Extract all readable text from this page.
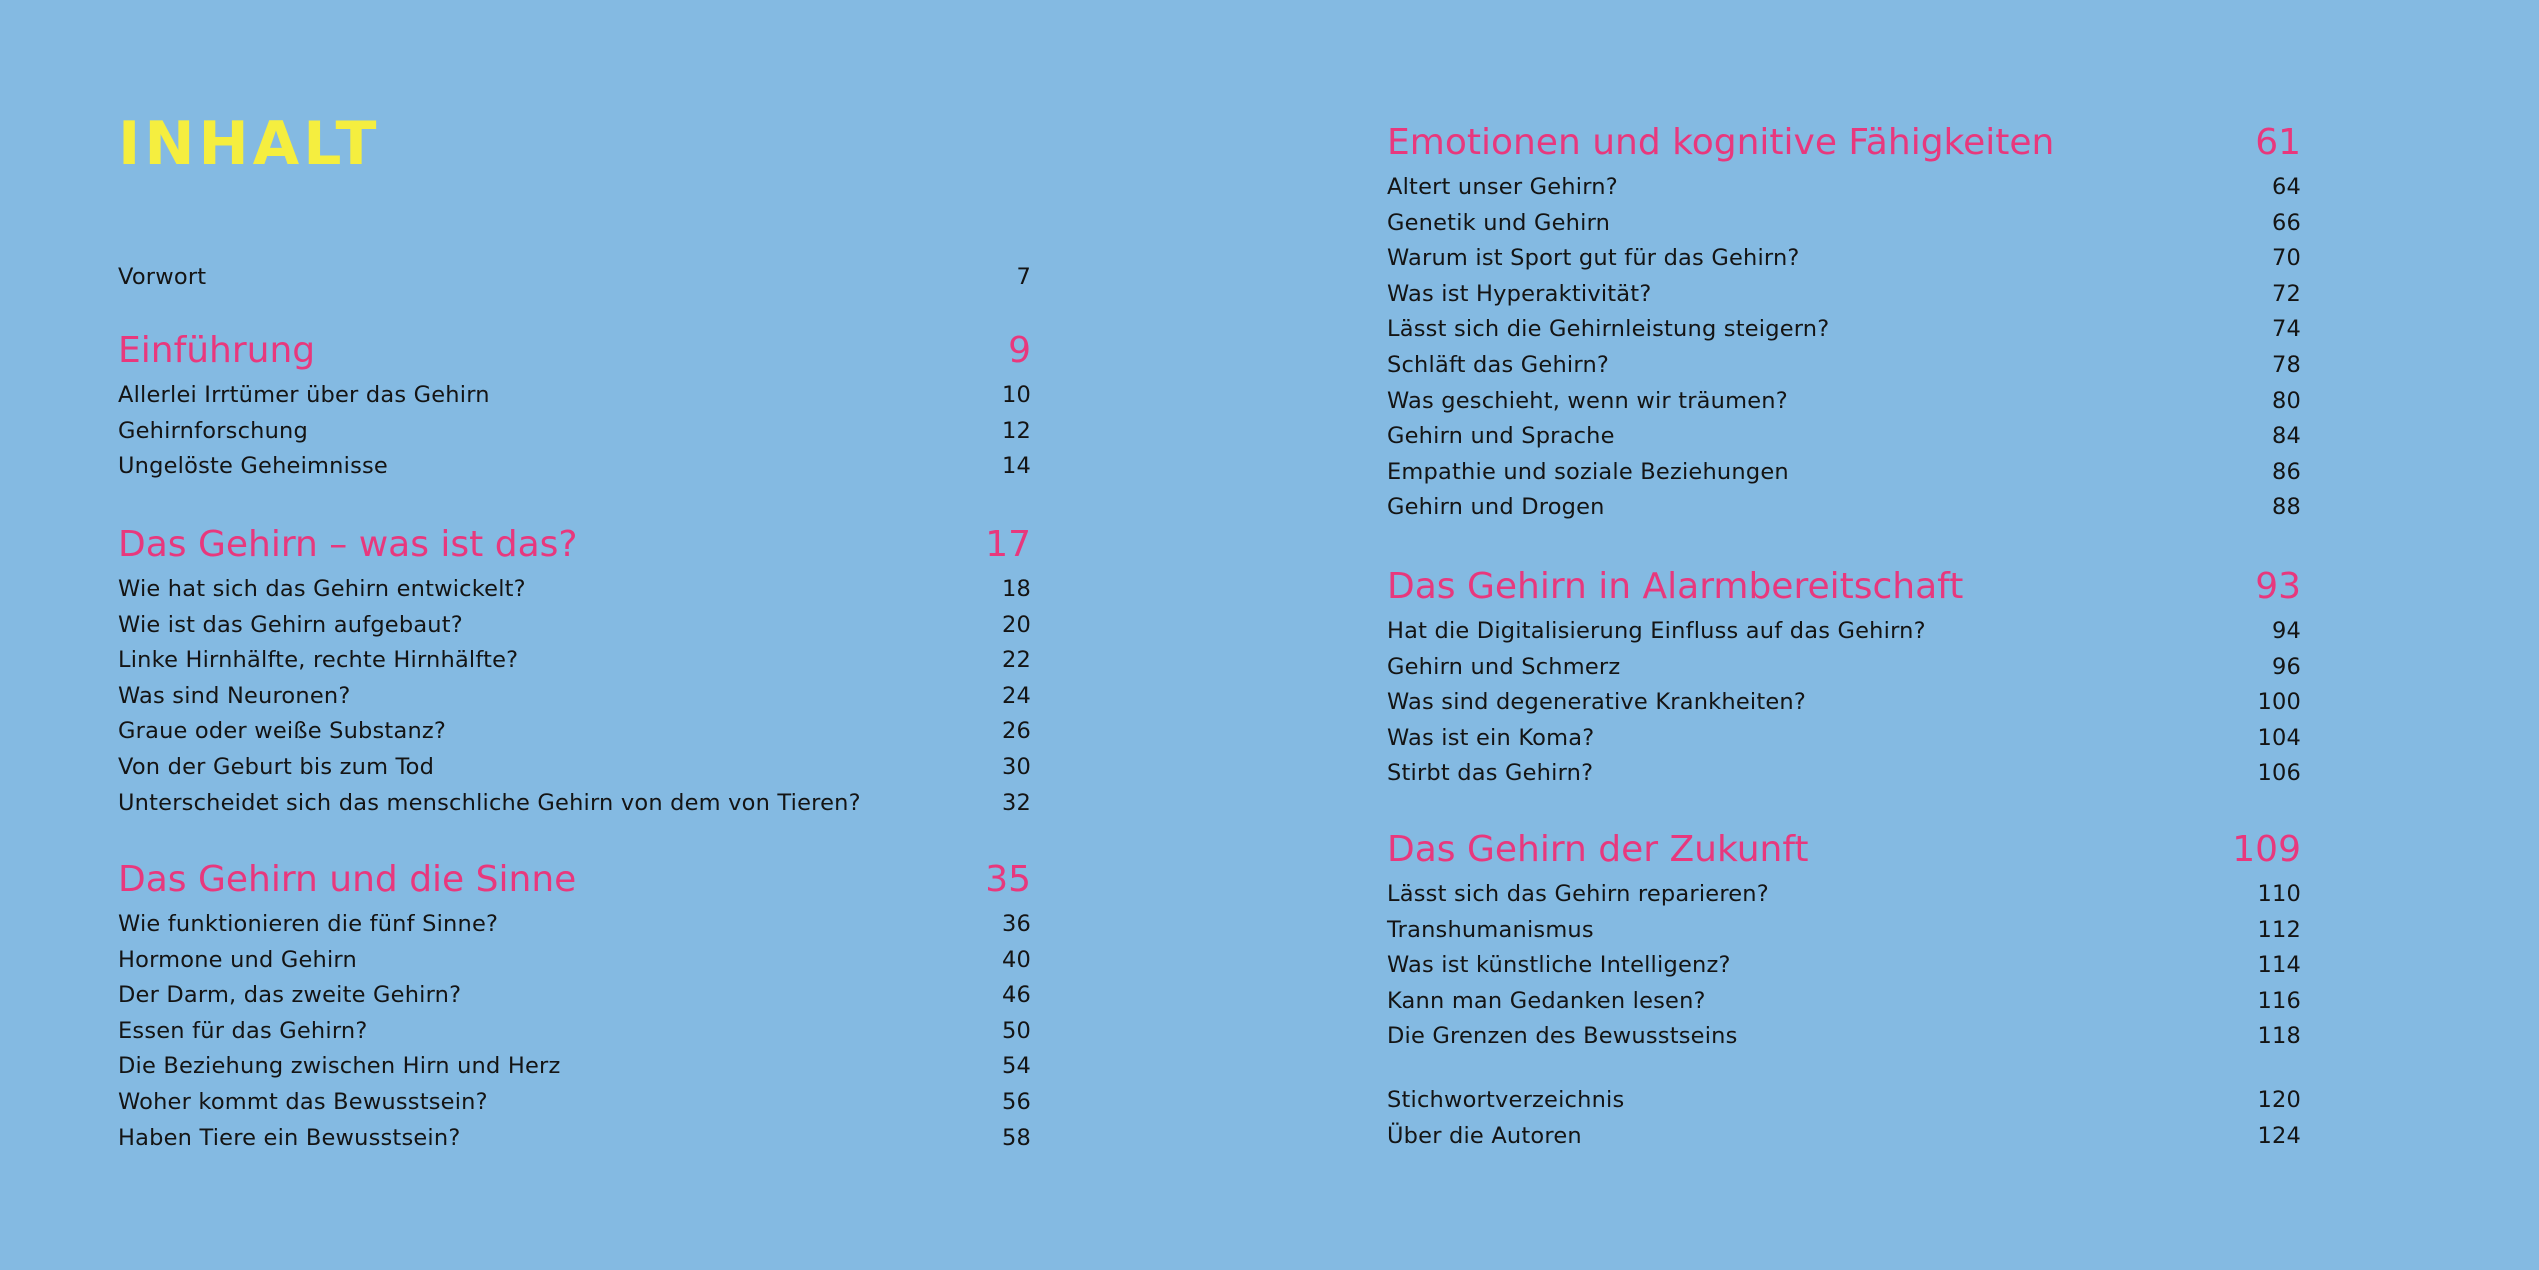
INHALT
Vorwort	7
Einführung	9
Allerlei Irrtümer über das Gehirn	10
Gehirnforschung	12
Ungelöste Geheimnisse	14
Das Gehirn – was ist das?	17
Wie hat sich das Gehirn entwickelt?	18
Wie ist das Gehirn aufgebaut?	20
Linke Hirnhälfte, rechte Hirnhälfte?	22
Was sind Neuronen?	24
Graue oder weiße Substanz?	26
Von der Geburt bis zum Tod	30
Unterscheidet sich das menschliche Gehirn von dem von Tieren?	32
Das Gehirn und die Sinne	35
Wie funktionieren die fünf Sinne?	36
Hormone und Gehirn	40
Der Darm, das zweite Gehirn?	46
Essen für das Gehirn?	50
Die Beziehung zwischen Hirn und Herz	54
Woher kommt das Bewusstsein?	56
Haben Tiere ein Bewusstsein?	58
Emotionen und kognitive Fähigkeiten	61
Altert unser Gehirn?	64
Genetik und Gehirn	66
Warum ist Sport gut für das Gehirn?	70
Was ist Hyperaktivität?	72
Lässt sich die Gehirnleistung steigern?	74
Schläft das Gehirn?	78
Was geschieht, wenn wir träumen?	80
Gehirn und Sprache	84
Empathie und soziale Beziehungen	86
Gehirn und Drogen	88
Das Gehirn in Alarmbereitschaft	93
Hat die Digitalisierung Einfluss auf das Gehirn?	94
Gehirn und Schmerz	96
Was sind degenerative Krankheiten?	100
Was ist ein Koma?	104
Stirbt das Gehirn?	106
Das Gehirn der Zukunft	109
Lässt sich das Gehirn reparieren?	110
Transhumanismus	112
Was ist künstliche Intelligenz?	114
Kann man Gedanken lesen?	116
Die Grenzen des Bewusstseins	118
Stichwortverzeichnis	120
Über die Autoren	124
